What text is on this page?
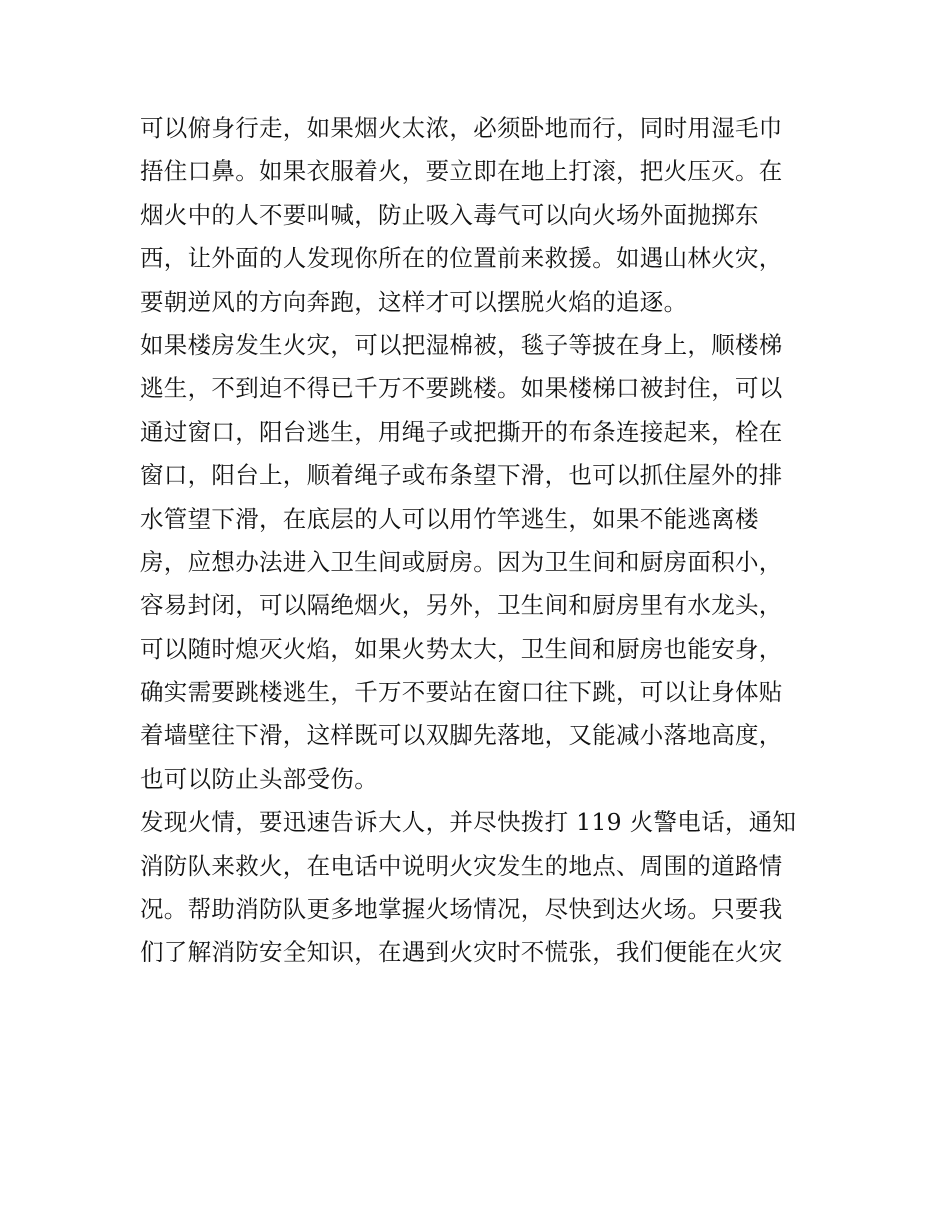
可以俯身行走，如果烟火太浓，必须卧地而行，同时用湿毛巾
捂住口鼻。如果衣服着火，要立即在地上打滚，把火压灭。在
烟火中的人不要叫喊，防止吸入毒气可以向火场外面抛掷东
西，让外面的人发现你所在的位置前来救援。如遇山林火灾，
要朝逆风的方向奔跑，这样才可以摆脱火焰的追逐。
如果楼房发生火灾，可以把湿棉被，毯子等披在身上，顺楼梯
逃生，不到迫不得已千万不要跳楼。如果楼梯口被封住，可以
通过窗口，阳台逃生，用绳子或把撕开的布条连接起来，栓在
窗口，阳台上，顺着绳子或布条望下滑，也可以抓住屋外的排
水管望下滑，在底层的人可以用竹竿逃生，如果不能逃离楼
房，应想办法进入卫生间或厨房。因为卫生间和厨房面积小，
容易封闭，可以隔绝烟火，另外，卫生间和厨房里有水龙头，
可以随时熄灭火焰，如果火势太大，卫生间和厨房也能安身，
确实需要跳楼逃生，千万不要站在窗口往下跳，可以让身体贴
着墙壁往下滑，这样既可以双脚先落地，又能减小落地高度，
也可以防止头部受伤。
发现火情，要迅速告诉大人，并尽快拨打 119 火警电话，通知
消防队来救火，在电话中说明火灾发生的地点、周围的道路情
况。帮助消防队更多地掌握火场情况，尽快到达火场。只要我
们了解消防安全知识，在遇到火灾时不慌张，我们便能在火灾
